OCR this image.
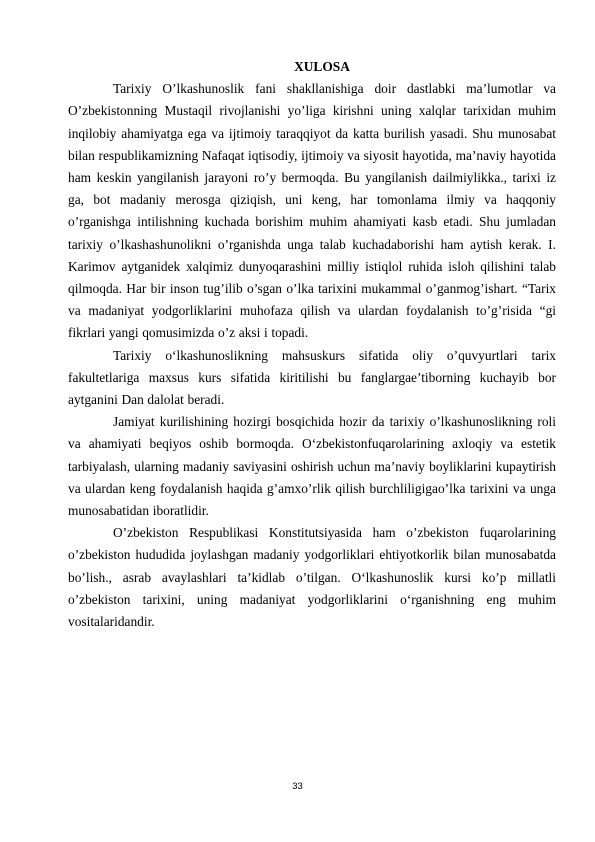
XULOSA

Tarixiy O’lkashunoslik fani shakllanishiga doir dastlabki ma’lumotlar va O’zbekistonning Mustaqil rivojlanishi yo’liga kirishni uning xalqlar tarixidan muhim inqilobiy ahamiyatga ega va ijtimoiy taraqqiyot da katta burilish yasadi. Shu munosabat bilan respublikamizning Nafaqat iqtisodiy, ijtimoiy va siyosit hayotida, ma’naviy hayotida ham keskin yangilanish jarayoni ro’y bermoqda. Bu yangilanish dailmiylikka., tarixi iz ga, bot madaniy merosga qiziqish, uni keng, har tomonlama ilmiy va haqqoniy o’rganishga intilishning kuchada borishim muhim ahamiyati kasb etadi. Shu jumladan tarixiy o’lkashashunolikni o’rganishda unga talab kuchadaborishi ham aytish kerak. I. Karimov aytganidek xalqimiz dunyoqarashini milliy istiqlol ruhida isloh qilishini talab qilmoqda. Har bir inson tug’ilib o’sgan o’lka tarixini mukammal o’ganmog’ishart. “Tarix va madaniyat yodgorliklarini muhofaza qilish va ulardan foydalanish to’g’risida “gi fikrlari yangi qomusimizda o’z aksi i topadi.

Tarixiy o‘lkashunoslikning mahsuskurs sifatida oliy o’quvyurtlari tarix fakultetlariga maxsus kurs sifatida kiritilishi bu fanglargae’tiborning kuchayib bor aytganini Dan dalolat beradi.

Jamiyat kurilishining hozirgi bosqichida hozir da tarixiy o’lkashunoslikning roli va ahamiyati beqiyos oshib bormoqda. O‘zbekistonfuqarolarining axloqiy va estetik tarbiyalash, ularning madaniy saviyasini oshirish uchun ma’naviy boyliklarini kupaytirish va ulardan keng foydalanish haqida g’amxo’rlik qilish burchliligigao’lka tarixini va unga munosabatidan iboratlidir.

O’zbekiston Respublikasi Konstitutsiyasida ham o’zbekiston fuqarolarining o’zbekiston hududida joylashgan madaniy yodgorliklari ehtiyotkorlik bilan munosabatda bo’lish., asrab avaylashlari ta’kidlab o’tilgan. O‘lkashunoslik kursi ko’p millatli o’zbekiston tarixini, uning madaniyat yodgorliklarini o‘rganishning eng muhim vositalaridandir.

33
